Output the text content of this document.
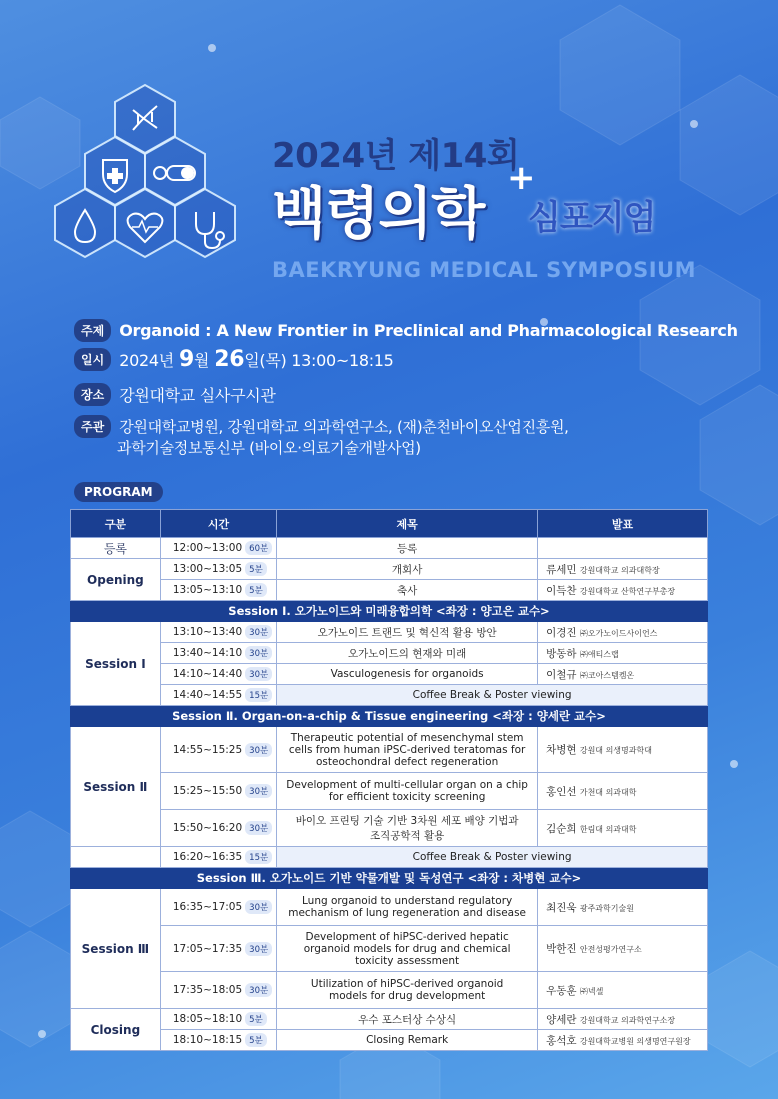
2024년 제14회
+
백령의학 심포지엄
BAEKRYUNG MEDICAL SYMPOSIUM
주제 Organoid : A New Frontier in Preclinical and Pharmacological Research
일시 2024년 9월 26일(목) 13:00~18:15
장소 강원대학교 실사구시관
주관 강원대학교병원, 강원대학교 의과학연구소, (재)춘천바이오산업진흥원,
과학기술정보통신부 (바이오·의료기술개발사업)
PROGRAM
구분	시간	제목	발표
등록	12:00~13:00 60분	등록	
Opening	13:00~13:05 5분	개회사	류세민 강원대학교 의과대학장
	13:05~13:10 5분	축사	이득찬 강원대학교 산학연구부총장
Session Ⅰ. 오가노이드와 미래융합의학 <좌장 : 양고은 교수>			
Session Ⅰ	13:10~13:40 30분	오가노이드 트랜드 및 혁신적 활용 방안	이경진 ㈜오가노이드사이언스
	13:40~14:10 30분	오가노이드의 현재와 미래	방동하 ㈜애티스랩
	14:10~14:40 30분	Vasculogenesis for organoids	이철규 ㈜코아스템켐온
	14:40~14:55 15분	Coffee Break & Poster viewing	
Session Ⅱ. Organ-on-a-chip & Tissue engineering <좌장 : 양세란 교수>			
Session Ⅱ	14:55~15:25 30분	Therapeutic potential of mesenchymal stem
cells from human iPSC-derived teratomas for
osteochondral defect regeneration	차병현 강원대 의생명과학대
	15:25~15:50 30분	Development of multi-cellular organ on a chip
for efficient toxicity screening	홍인선 가천대 의과대학
	15:50~16:20 30분	바이오 프린팅 기술 기반 3차원 세포 배양 기법과
조직공학적 활용	김순희 한림대 의과대학
	16:20~16:35 15분	Coffee Break & Poster viewing	
Session Ⅲ. 오가노이드 기반 약물개발 및 독성연구 <좌장 : 차병현 교수>			
Session Ⅲ	16:35~17:05 30분	Lung organoid to understand regulatory
mechanism of lung regeneration and disease	최진욱 광주과학기술원
	17:05~17:35 30분	Development of hiPSC-derived hepatic
organoid models for drug and chemical
toxicity assessment	박한진 안전성평가연구소
	17:35~18:05 30분	Utilization of hiPSC-derived organoid
models for drug development	우동훈 ㈜넥셀
Closing	18:05~18:10 5분	우수 포스터상 수상식	양세란 강원대학교 의과학연구소장
	18:10~18:15 5분	Closing Remark	홍석호 강원대학교병원 의생명연구원장
